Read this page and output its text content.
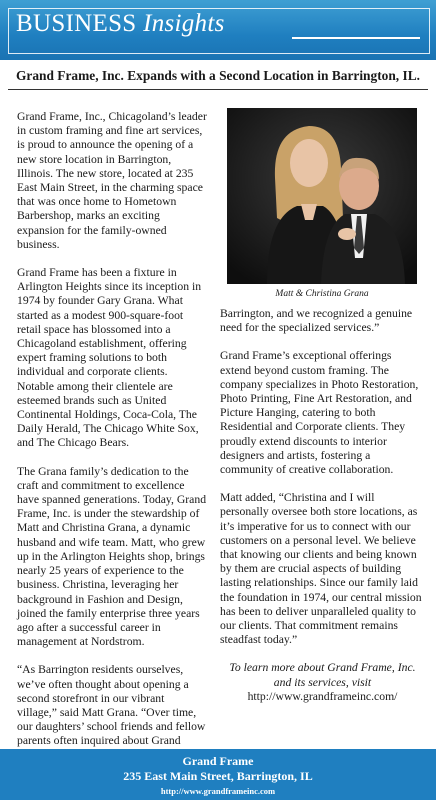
BUSINESS Insights
Grand Frame, Inc. Expands with a Second Location in Barrington, IL.

Grand Frame, Inc., Chicagoland’s leader in custom framing and fine art services, is proud to announce the opening of a new store location in Barrington, Illinois. The new store, located at 235 East Main Street, in the charming space that was once home to Hometown Barbershop, marks an exciting expansion for the family-owned business.

Grand Frame has been a fixture in Arlington Heights since its inception in 1974 by founder Gary Grana. What started as a modest 900-square-foot retail space has blossomed into a Chicagoland establishment, offering expert framing solutions to both individual and corporate clients. Notable among their clientele are esteemed brands such as United Continental Holdings, Coca-Cola, The Daily Herald, The Chicago White Sox, and The Chicago Bears.

The Grana family’s dedication to the craft and commitment to excellence have spanned generations. Today, Grand Frame, Inc. is under the stewardship of Matt and Christina Grana, a dynamic husband and wife team. Matt, who grew up in the Arlington Heights shop, brings nearly 25 years of experience to the business. Christina, leveraging her background in Fashion and Design, joined the family enterprise three years ago after a successful career in management at Nordstrom.

“As Barrington residents ourselves, we’ve often thought about opening a second storefront in our vibrant village,” said Matt Grana. “Over time, our daughters’ school friends and fellow parents often inquired about Grand

Matt & Christina Grana

Barrington, and we recognized a genuine need for the specialized services.”

Grand Frame’s exceptional offerings extend beyond custom framing. The company specializes in Photo Restoration, Photo Printing, Fine Art Restoration, and Picture Hanging, catering to both Residential and Corporate clients. They proudly extend discounts to interior designers and artists, fostering a community of creative collaboration.

Matt added, “Christina and I will personally oversee both store locations, as it’s imperative for us to connect with our customers on a personal level. We believe that knowing our clients and being known by them are crucial aspects of building lasting relationships. Since our family laid the foundation in 1974, our central mission has been to deliver unparalleled quality to our clients. That commitment remains steadfast today.”

To learn more about Grand Frame, Inc. and its services, visit
http://www.grandframeinc.com/

Grand Frame
235 East Main Street, Barrington, IL
http://www.grandframeinc.com
